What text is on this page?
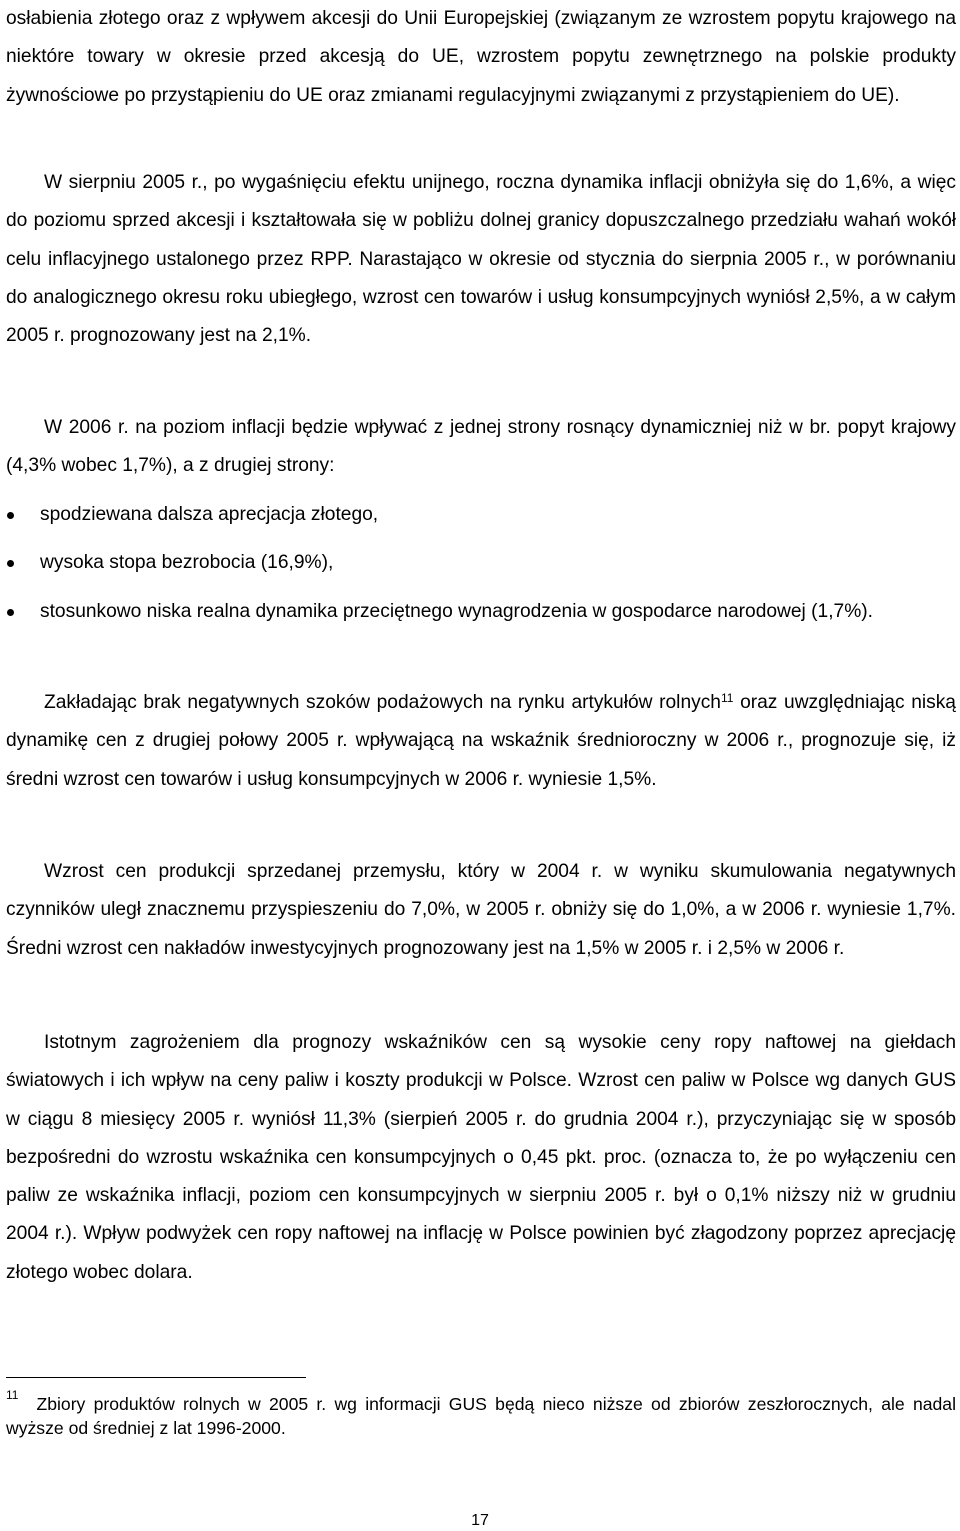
osłabienia złotego oraz z wpływem akcesji do Unii Europejskiej (związanym ze wzrostem popytu krajowego na niektóre towary w okresie przed akcesją do UE, wzrostem popytu zewnętrznego na polskie produkty żywnościowe po przystąpieniu do UE oraz zmianami regulacyjnymi związanymi z przystąpieniem do UE).

W sierpniu 2005 r., po wygaśnięciu efektu unijnego, roczna dynamika inflacji obniżyła się do 1,6%, a więc do poziomu sprzed akcesji i kształtowała się w pobliżu dolnej granicy dopuszczalnego przedziału wahań wokół celu inflacyjnego ustalonego przez RPP. Narastająco w okresie od stycznia do sierpnia 2005 r., w porównaniu do analogicznego okresu roku ubiegłego, wzrost cen towarów i usług konsumpcyjnych wyniósł 2,5%, a w całym 2005 r. prognozowany jest na 2,1%.

W 2006 r. na poziom inflacji będzie wpływać z jednej strony rosnący dynamiczniej niż w br. popyt krajowy (4,3% wobec 1,7%), a z drugiej strony:

spodziewana dalsza aprecjacja złotego,
wysoka stopa bezrobocia (16,9%),
stosunkowo niska realna dynamika przeciętnego wynagrodzenia w gospodarce narodowej (1,7%).

Zakładając brak negatywnych szoków podażowych na rynku artykułów rolnych$^{11}$ oraz uwzględniając niską dynamikę cen z drugiej połowy 2005 r. wpływającą na wskaźnik średnioroczny w 2006 r., prognozuje się, iż średni wzrost cen towarów i usług konsumpcyjnych w 2006 r. wyniesie 1,5%.

Wzrost cen produkcji sprzedanej przemysłu, który w 2004 r. w wyniku skumulowania negatywnych czynników uległ znacznemu przyspieszeniu do 7,0%, w 2005 r. obniży się do 1,0%, a w 2006 r. wyniesie 1,7%. Średni wzrost cen nakładów inwestycyjnych prognozowany jest na 1,5% w 2005 r. i 2,5% w 2006 r.

Istotnym zagrożeniem dla prognozy wskaźników cen są wysokie ceny ropy naftowej na giełdach światowych i ich wpływ na ceny paliw i koszty produkcji w Polsce. Wzrost cen paliw w Polsce wg danych GUS w ciągu 8 miesięcy 2005 r. wyniósł 11,3% (sierpień 2005 r. do grudnia 2004 r.), przyczyniając się w sposób bezpośredni do wzrostu wskaźnika cen konsumpcyjnych o 0,45 pkt. proc. (oznacza to, że po wyłączeniu cen paliw ze wskaźnika inflacji, poziom cen konsumpcyjnych w sierpniu 2005 r. był o 0,1% niższy niż w grudniu 2004 r.). Wpływ podwyżek cen ropy naftowej na inflację w Polsce powinien być złagodzony poprzez aprecjację złotego wobec dolara.

$^{11}$ Zbiory produktów rolnych w 2005 r. wg informacji GUS będą nieco niższe od zbiorów zeszłorocznych, ale nadal wyższe od średniej z lat 1996-2000.

17
